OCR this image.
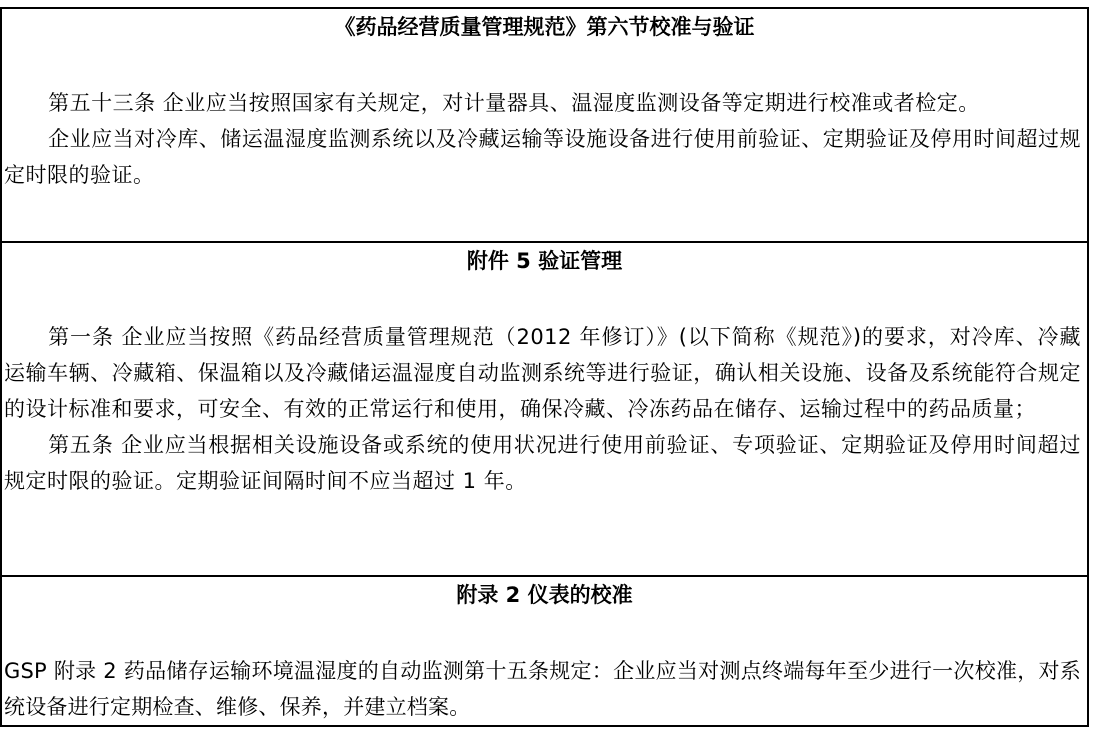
《药品经营质量管理规范》第六节校准与验证

第五十三条 企业应当按照国家有关规定，对计量器具、温湿度监测设备等定期进行校准或者检定。

企业应当对冷库、储运温湿度监测系统以及冷藏运输等设施设备进行使用前验证、定期验证及停用时间超过规定时限的验证。

附件 5 验证管理

第一条 企业应当按照《药品经营质量管理规范（2012 年修订）》(以下简称《规范》)的要求，对冷库、冷藏运输车辆、冷藏箱、保温箱以及冷藏储运温湿度自动监测系统等进行验证，确认相关设施、设备及系统能符合规定的设计标准和要求，可安全、有效的正常运行和使用，确保冷藏、冷冻药品在储存、运输过程中的药品质量；

第五条 企业应当根据相关设施设备或系统的使用状况进行使用前验证、专项验证、定期验证及停用时间超过规定时限的验证。定期验证间隔时间不应当超过 1 年。

附录 2 仪表的校准

GSP 附录 2 药品储存运输环境温湿度的自动监测第十五条规定：企业应当对测点终端每年至少进行一次校准，对系统设备进行定期检查、维修、保养，并建立档案。
